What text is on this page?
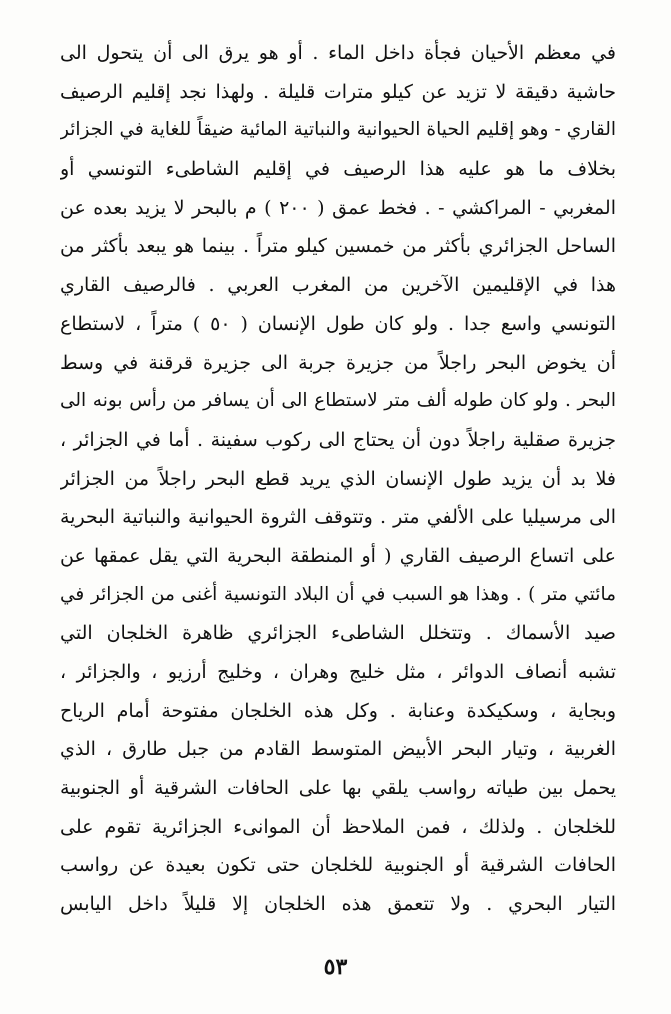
في معظم الأحيان فجأة داخل الماء . أو هو يرق الى أن يتحول الى
حاشية دقيقة لا تزيد عن كيلو مترات قليلة . ولهذا نجد إقليم الرصيف
القاري - وهو إقليم الحياة الحيوانية والنباتية المائية ضيقاً للغاية في الجزائر
بخلاف ما هو عليه هذا الرصيف في إقليم الشاطىء التونسي أو
المغربي - المراكشي - . فخط عمق ( ٢٠٠ ) م بالبحر لا يزيد بعده عن
الساحل الجزائري بأكثر من خمسين كيلو متراً . بينما هو يبعد بأكثر من
هذا في الإقليمين الآخرين من المغرب العربي . فالرصيف القاري
التونسي واسع جدا . ولو كان طول الإنسان ( ٥٠ ) متراً ، لاستطاع
أن يخوض البحر راجلاً من جزيرة جربة الى جزيرة قرقنة في وسط
البحر . ولو كان طوله ألف متر لاستطاع الى أن يسافر من رأس بونه الى
جزيرة صقلية راجلاً دون أن يحتاج الى ركوب سفينة . أما في الجزائر ،
فلا بد أن يزيد طول الإنسان الذي يريد قطع البحر راجلاً من الجزائر
الى مرسيليا على الألفي متر . وتتوقف الثروة الحيوانية والنباتية البحرية
على اتساع الرصيف القاري ( أو المنطقة البحرية التي يقل عمقها عن
مائتي متر ) . وهذا هو السبب في أن البلاد التونسية أغنى من الجزائر في
صيد الأسماك . وتتخلل الشاطىء الجزائري ظاهرة الخلجان التي
تشبه أنصاف الدوائر ، مثل خليج وهران ، وخليج أرزيو ، والجزائر ،
وبجاية ، وسكيكدة وعنابة . وكل هذه الخلجان مفتوحة أمام الرياح
الغربية ، وتيار البحر الأبيض المتوسط القادم من جبل طارق ، الذي
يحمل بين طياته رواسب يلقي بها على الحافات الشرقية أو الجنوبية
للخلجان . ولذلك ، فمن الملاحظ أن الموانىء الجزائرية تقوم على
الحافات الشرقية أو الجنوبية للخلجان حتى تكون بعيدة عن رواسب
التيار البحري . ولا تتعمق هذه الخلجان إلا قليلاً داخل اليابس
٥٣
